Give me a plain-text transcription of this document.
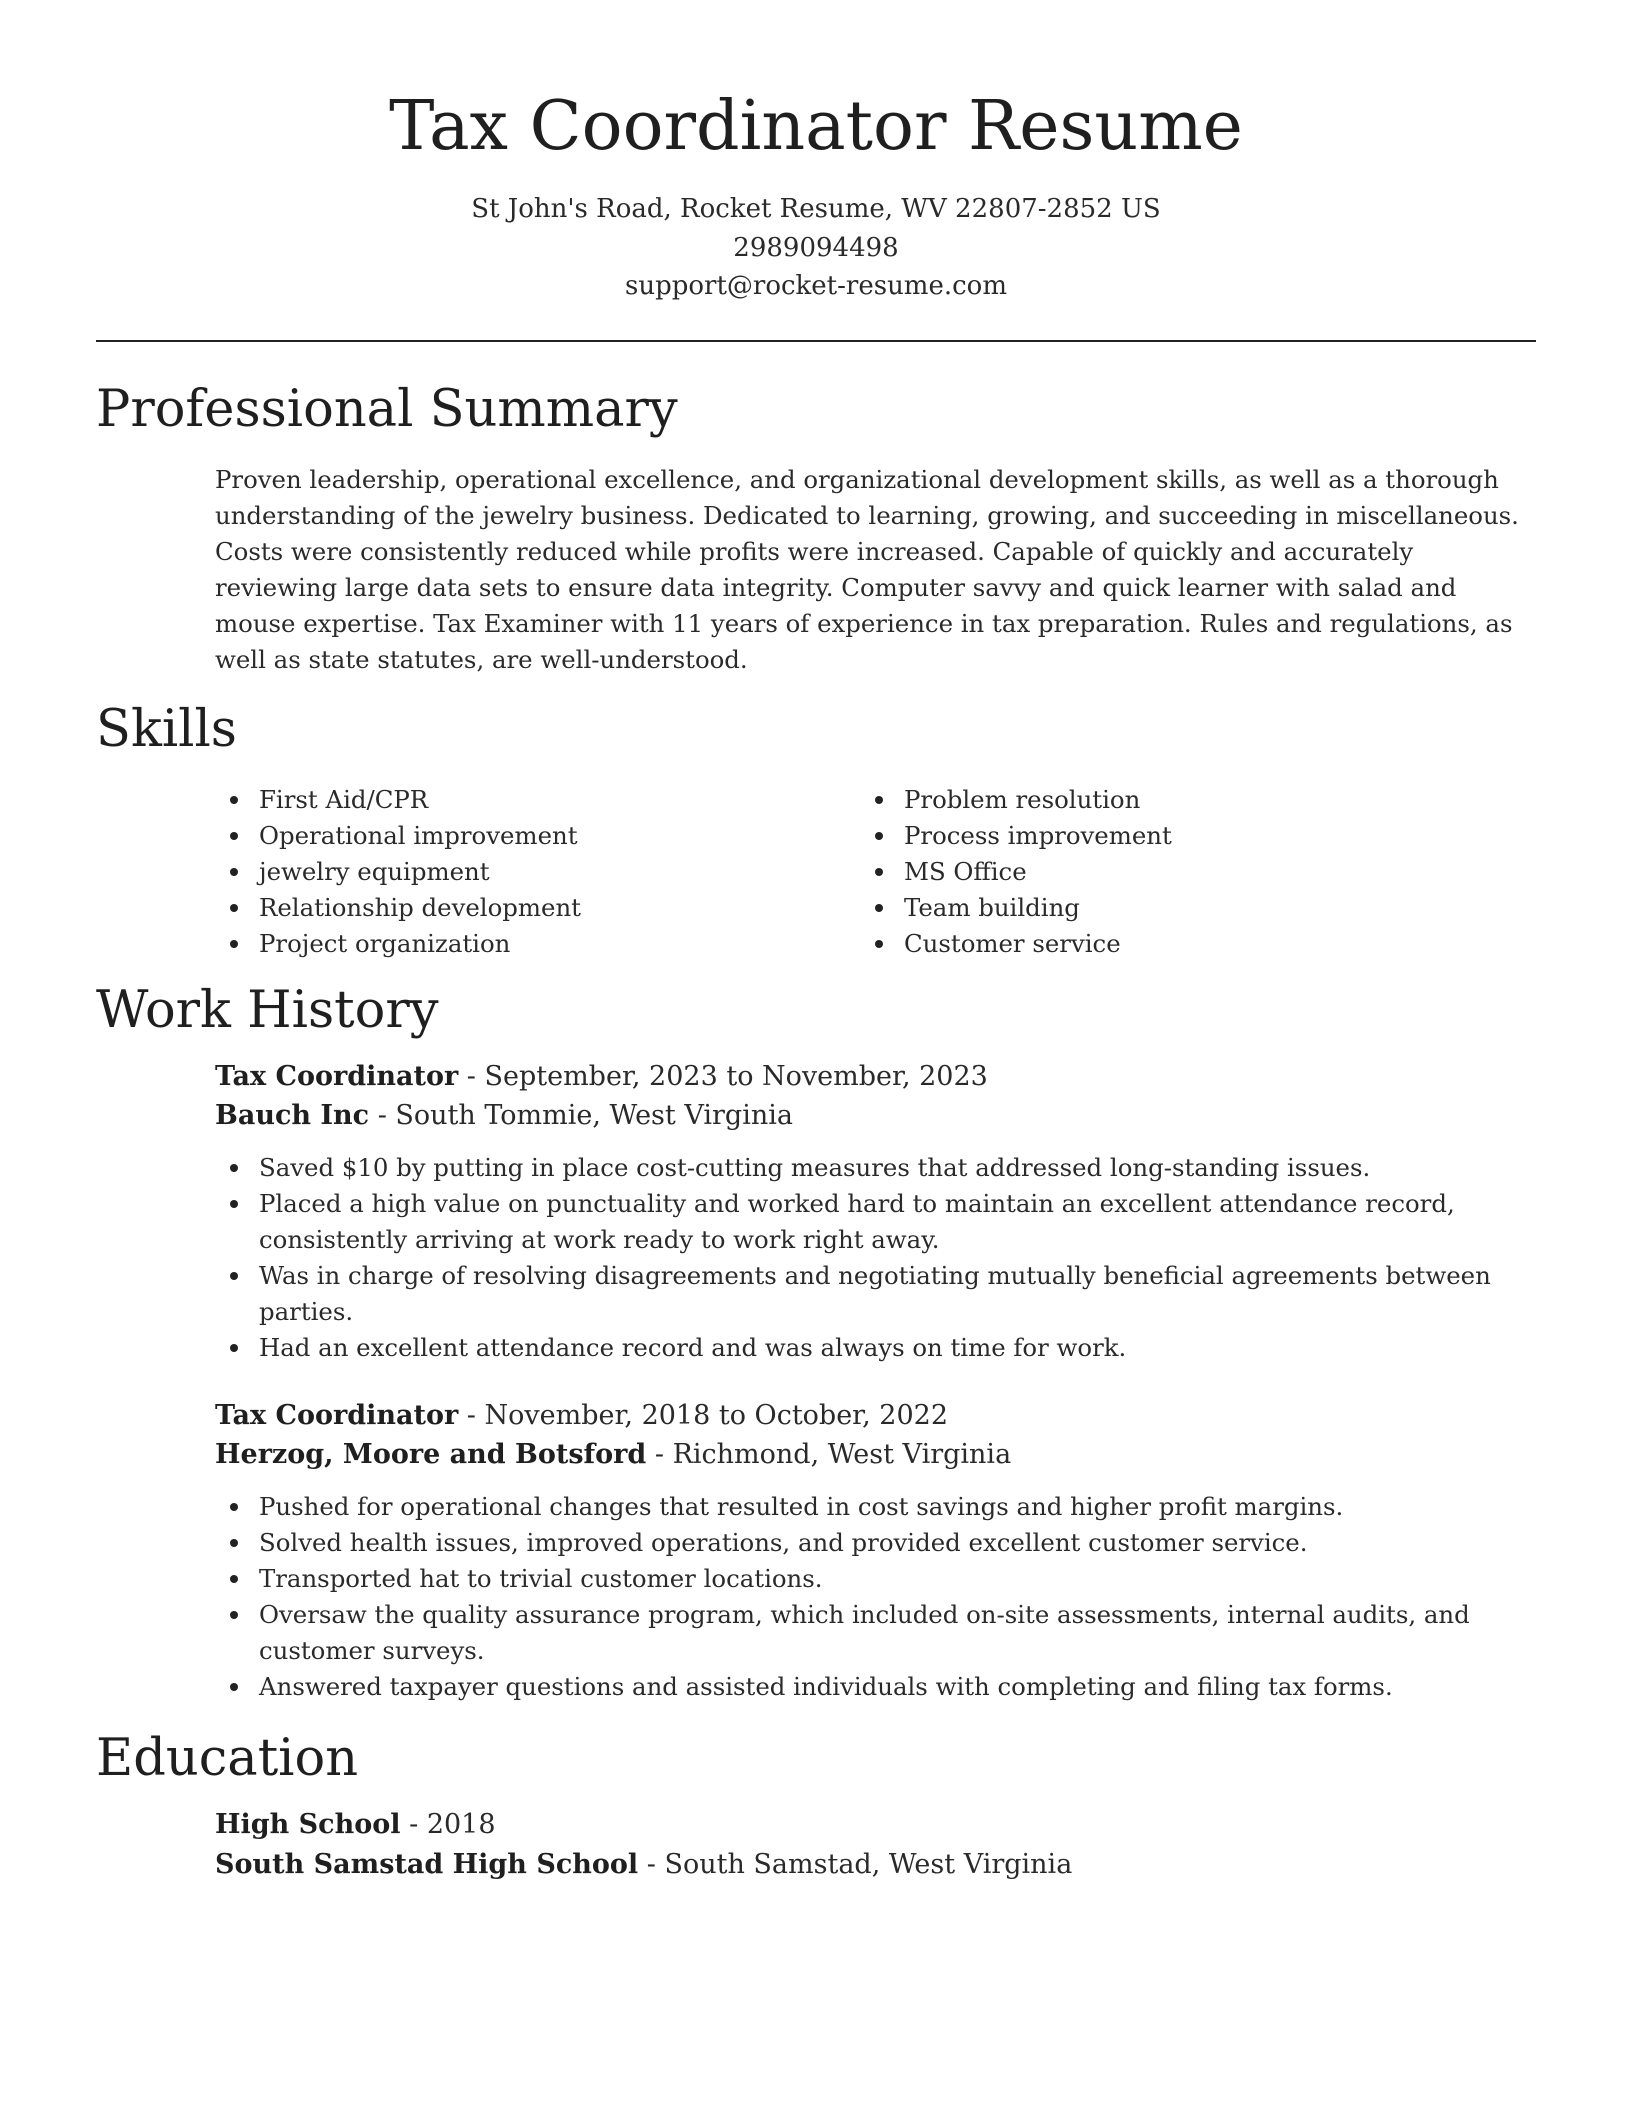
Tax Coordinator Resume
St John's Road, Rocket Resume, WV 22807-2852 US
2989094498
support@rocket-resume.com
Professional Summary

Proven leadership, operational excellence, and organizational development skills, as well as a thorough understanding of the jewelry business. Dedicated to learning, growing, and succeeding in miscellaneous. Costs were consistently reduced while profits were increased. Capable of quickly and accurately reviewing large data sets to ensure data integrity. Computer savvy and quick learner with salad and mouse expertise. Tax Examiner with 11 years of experience in tax preparation. Rules and regulations, as well as state statutes, are well-understood.

Skills
First Aid/CPR
Operational improvement
jewelry equipment
Relationship development
Project organization
Problem resolution
Process improvement
MS Office
Team building
Customer service
Work History
Tax Coordinator - September, 2023 to November, 2023
Bauch Inc - South Tommie, West Virginia
Saved $10 by putting in place cost-cutting measures that addressed long-standing issues.
Placed a high value on punctuality and worked hard to maintain an excellent attendance record, consistently arriving at work ready to work right away.
Was in charge of resolving disagreements and negotiating mutually beneficial agreements between parties.
Had an excellent attendance record and was always on time for work.
Tax Coordinator - November, 2018 to October, 2022
Herzog, Moore and Botsford - Richmond, West Virginia
Pushed for operational changes that resulted in cost savings and higher profit margins.
Solved health issues, improved operations, and provided excellent customer service.
Transported hat to trivial customer locations.
Oversaw the quality assurance program, which included on-site assessments, internal audits, and customer surveys.
Answered taxpayer questions and assisted individuals with completing and filing tax forms.
Education
High School - 2018
South Samstad High School - South Samstad, West Virginia
